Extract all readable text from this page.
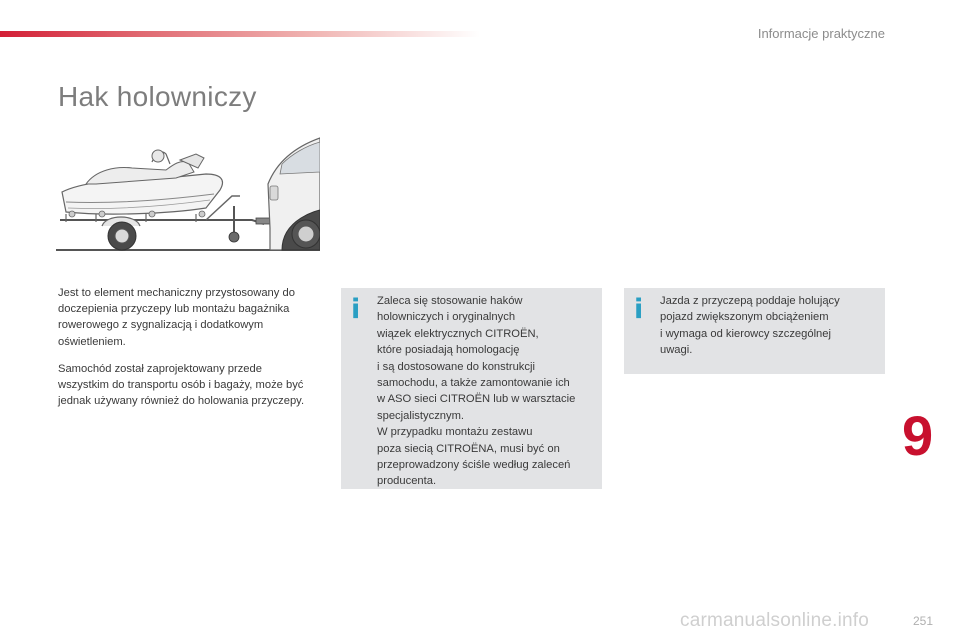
Informacje praktyczne
Hak holowniczy

Jest to element mechaniczny przystosowany do doczepienia przyczepy lub montażu bagażnika rowerowego z sygnalizacją i dodatkowym oświetleniem.

Samochód został zaprojektowany przede wszystkim do transportu osób i bagaży, może być jednak używany również do holowania przyczepy.

i Zaleca się stosowanie haków
holowniczych i oryginalnych
wiązek elektrycznych CITROËN,
które posiadają homologację
i są dostosowane do konstrukcji
samochodu, a także zamontowanie ich
w ASO sieci CITROËN lub w warsztacie
specjalistycznym.
W przypadku montażu zestawu
poza siecią CITROËNA, musi być on
przeprowadzony ściśle według zaleceń
producenta.
i Jazda z przyczepą poddaje holujący
pojazd zwiększonym obciążeniem
i wymaga od kierowcy szczególnej
uwagi.
9
carmanualsonline.info	251
